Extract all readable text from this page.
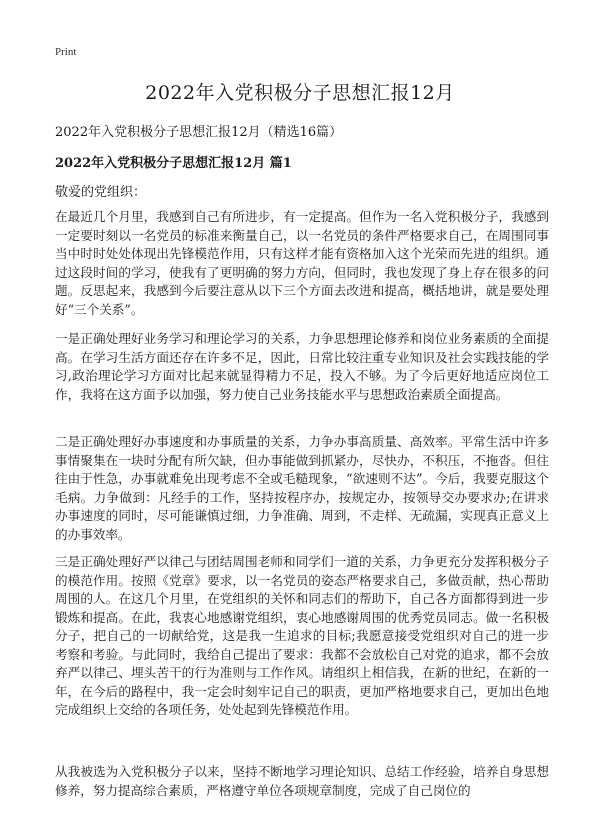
Print
2022年入党积极分子思想汇报12月

2022年入党积极分子思想汇报12月（精选16篇）

2022年入党积极分子思想汇报12月 篇1

敬爱的党组织：

在最近几个月里，我感到自己有所进步，有一定提高。但作为一名入党积极分子，我感到一定要时刻以一名党员的标准来衡量自己，以一名党员的条件严格要求自己，在周围同事当中时时处处体现出先锋模范作用，只有这样才能有资格加入这个光荣而先进的组织。通过这段时间的学习，使我有了更明确的努力方向，但同时，我也发现了身上存在很多的问题。反思起来，我感到今后要注意从以下三个方面去改进和提高，概括地讲，就是要处理好“三个关系”。

一是正确处理好业务学习和理论学习的关系，力争思想理论修养和岗位业务素质的全面提高。在学习生活方面还存在许多不足，因此，日常比较注重专业知识及社会实践技能的学习,政治理论学习方面对比起来就显得精力不足，投入不够。为了今后更好地适应岗位工作，我将在这方面予以加强，努力使自己业务技能水平与思想政治素质全面提高。

二是正确处理好办事速度和办事质量的关系，力争办事高质量、高效率。平常生活中许多事情聚集在一块时分配有所欠缺，但办事能做到抓紧办，尽快办，不积压，不拖沓。但往往由于性急，办事就难免出现考虑不全或毛糙现象，“欲速则不达”。今后，我要克服这个毛病。力争做到：凡经手的工作，坚持按程序办，按规定办，按领导交办要求办;在讲求办事速度的同时，尽可能谦慎过细，力争准确、周到，不走样、无疏漏，实现真正意义上的办事效率。

三是正确处理好严以律己与团结周围老师和同学们一道的关系，力争更充分发挥积极分子的模范作用。按照《党章》要求，以一名党员的姿态严格要求自己，多做贡献，热心帮助周围的人。在这几个月里，在党组织的关怀和同志们的帮助下，自己各方面都得到进一步锻炼和提高。在此，我衷心地感谢党组织，衷心地感谢周围的优秀党员同志。做一名积极分子，把自己的一切献给党，这是我一生追求的目标;我愿意接受党组织对自己的进一步考察和考验。与此同时，我给自己提出了要求：我都不会放松自己对党的追求，都不会放弃严以律己、埋头苦干的行为准则与工作作风。请组织上相信我，在新的世纪，在新的一年，在今后的路程中，我一定会时刻牢记自己的职责，更加严格地要求自己，更加出色地完成组织上交给的各项任务，处处起到先锋模范作用。

从我被选为入党积极分子以来，坚持不断地学习理论知识、总结工作经验，培养自身思想修养，努力提高综合素质，严格遵守单位各项规章制度，完成了自己岗位的
